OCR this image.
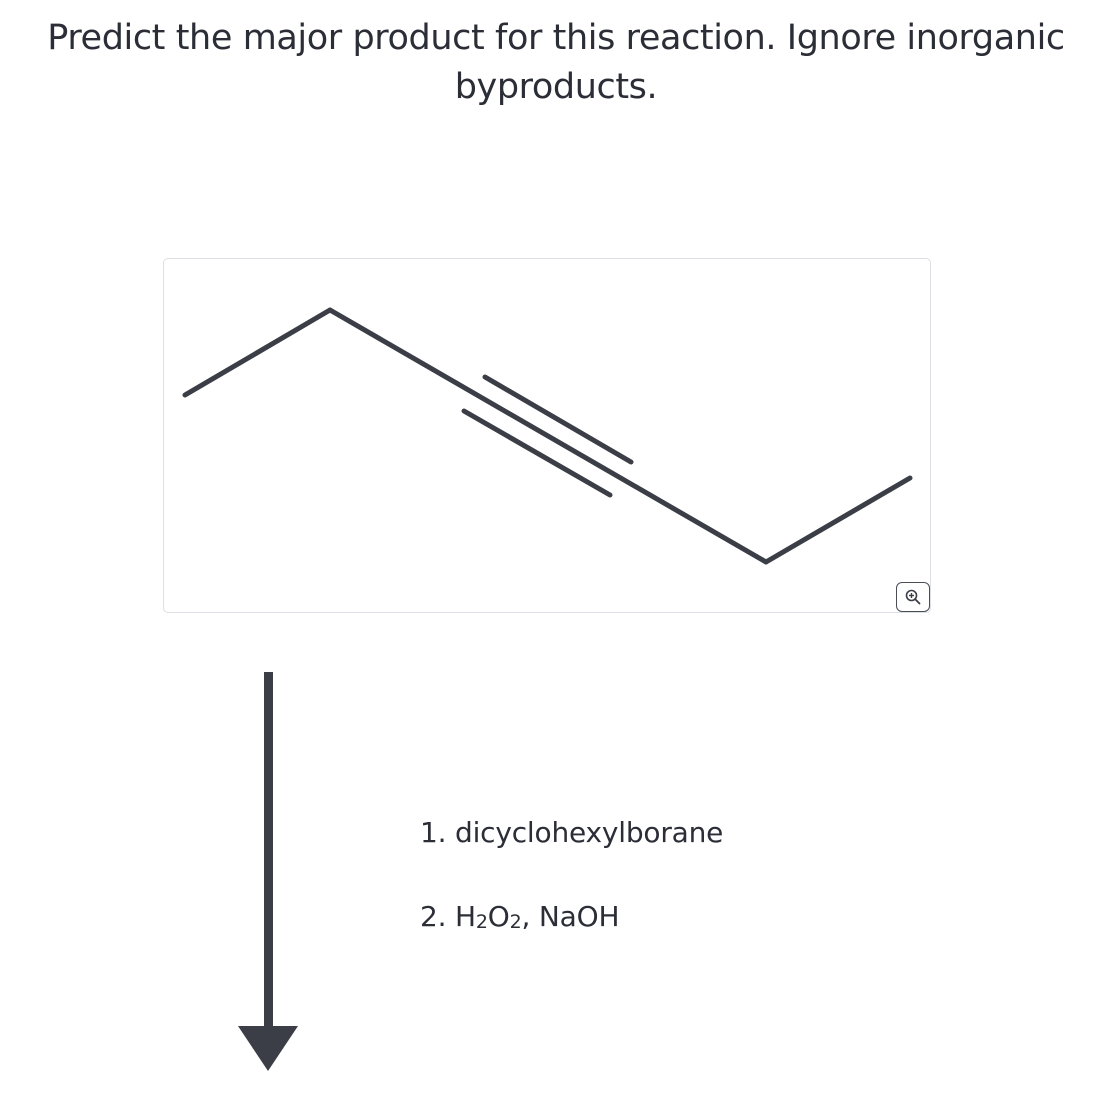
Predict the major product for this reaction. Ignore inorganic byproducts.
1. dicyclohexylborane
2. $H_2O_2$, NaOH
